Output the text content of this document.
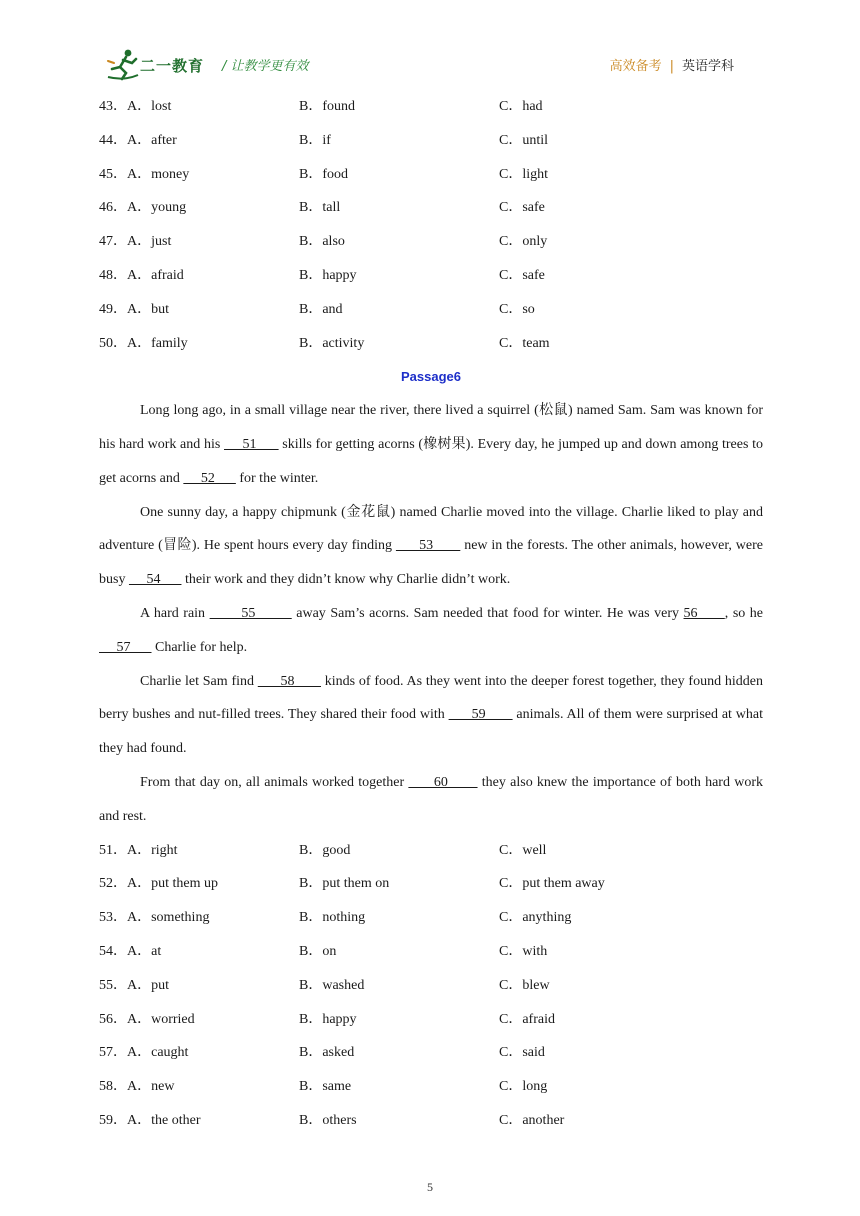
二一教育 / 让教学更有效	高效备考 | 英语学科
43．A．lost	B．found	C．had
44．A．after	B．if	C．until
45．A．money	B．food	C．light
46．A．young	B．tall	C．safe
47．A．just	B．also	C．only
48．A．afraid	B．happy	C．safe
49．A．but	B．and	C．so
50．A．family	B．activity	C．team
Passage6

Long long ago, in a small village near the river, there lived a squirrel (松鼠) named Sam. Sam was known for his hard work and his      51       skills for getting acorns (橡树果). Every day, he jumped up and down among trees to get acorns and      52       for the winter.

One sunny day, a happy chipmunk (金花鼠) named Charlie moved into the village. Charlie liked to play and adventure (冒险). He spent hours every day finding       53        new in the forests. The other animals, however, were busy      54       their work and they didn’t know why Charlie didn’t work.

A hard rain        55         away Sam’s acorns. Sam needed that food for winter. He was very 56      , so he      57       Charlie for help.

Charlie let Sam find       58        kinds of food. As they went into the deeper forest together, they found hidden berry bushes and nut-filled trees. They shared their food with       59        animals. All of them were surprised at what they had found.

From that day on, all animals worked together       60        they also knew the importance of both hard work and rest.

51．A．right	B．good	C．well
52．A．put them up	B．put them on	C．put them away
53．A．something	B．nothing	C．anything
54．A．at	B．on	C．with
55．A．put	B．washed	C．blew
56．A．worried	B．happy	C．afraid
57．A．caught	B．asked	C．said
58．A．new	B．same	C．long
59．A．the other	B．others	C．another
5
